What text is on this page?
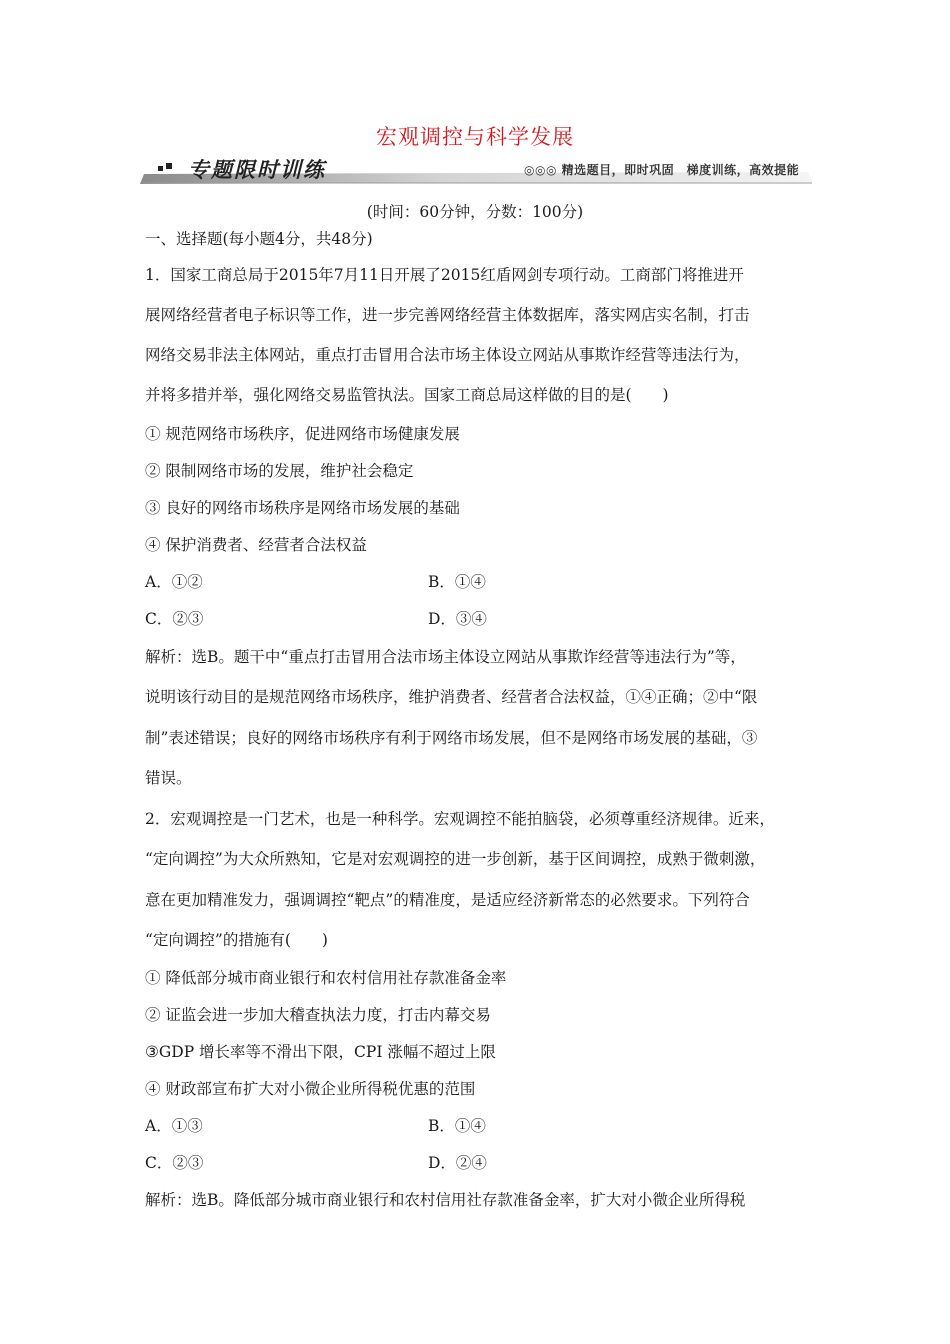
宏观调控与科学发展
专题限时训练	◎◎◎ 精选题目，即时巩固　梯度训练，高效提能
(时间：60分钟，分数：100分)
一、选择题(每小题4分，共48分)
1．国家工商总局于2015年7月11日开展了2015红盾网剑专项行动。工商部门将推进开
展网络经营者电子标识等工作，进一步完善网络经营主体数据库，落实网店实名制，打击
网络交易非法主体网站，重点打击冒用合法市场主体设立网站从事欺诈经营等违法行为，
并将多措并举，强化网络交易监管执法。国家工商总局这样做的目的是(　　)
① 规范网络市场秩序，促进网络市场健康发展
② 限制网络市场的发展，维护社会稳定
③ 良好的网络市场秩序是网络市场发展的基础
④ 保护消费者、经营者合法权益
A．①②	B．①④
C．②③	D．③④
解析：选B。题干中“重点打击冒用合法市场主体设立网站从事欺诈经营等违法行为”等，
说明该行动目的是规范网络市场秩序，维护消费者、经营者合法权益，①④正确；②中“限
制”表述错误；良好的网络市场秩序有利于网络市场发展，但不是网络市场发展的基础，③
错误。
2．宏观调控是一门艺术，也是一种科学。宏观调控不能拍脑袋，必须尊重经济规律。近来，
“定向调控”为大众所熟知，它是对宏观调控的进一步创新，基于区间调控，成熟于微刺激，
意在更加精准发力，强调调控“靶点”的精准度，是适应经济新常态的必然要求。下列符合
“定向调控”的措施有(　　)
① 降低部分城市商业银行和农村信用社存款准备金率
② 证监会进一步加大稽查执法力度，打击内幕交易
③GDP 增长率等不滑出下限，CPI 涨幅不超过上限
④ 财政部宣布扩大对小微企业所得税优惠的范围
A．①③	B．①④
C．②③	D．②④
解析：选B。降低部分城市商业银行和农村信用社存款准备金率，扩大对小微企业所得税
